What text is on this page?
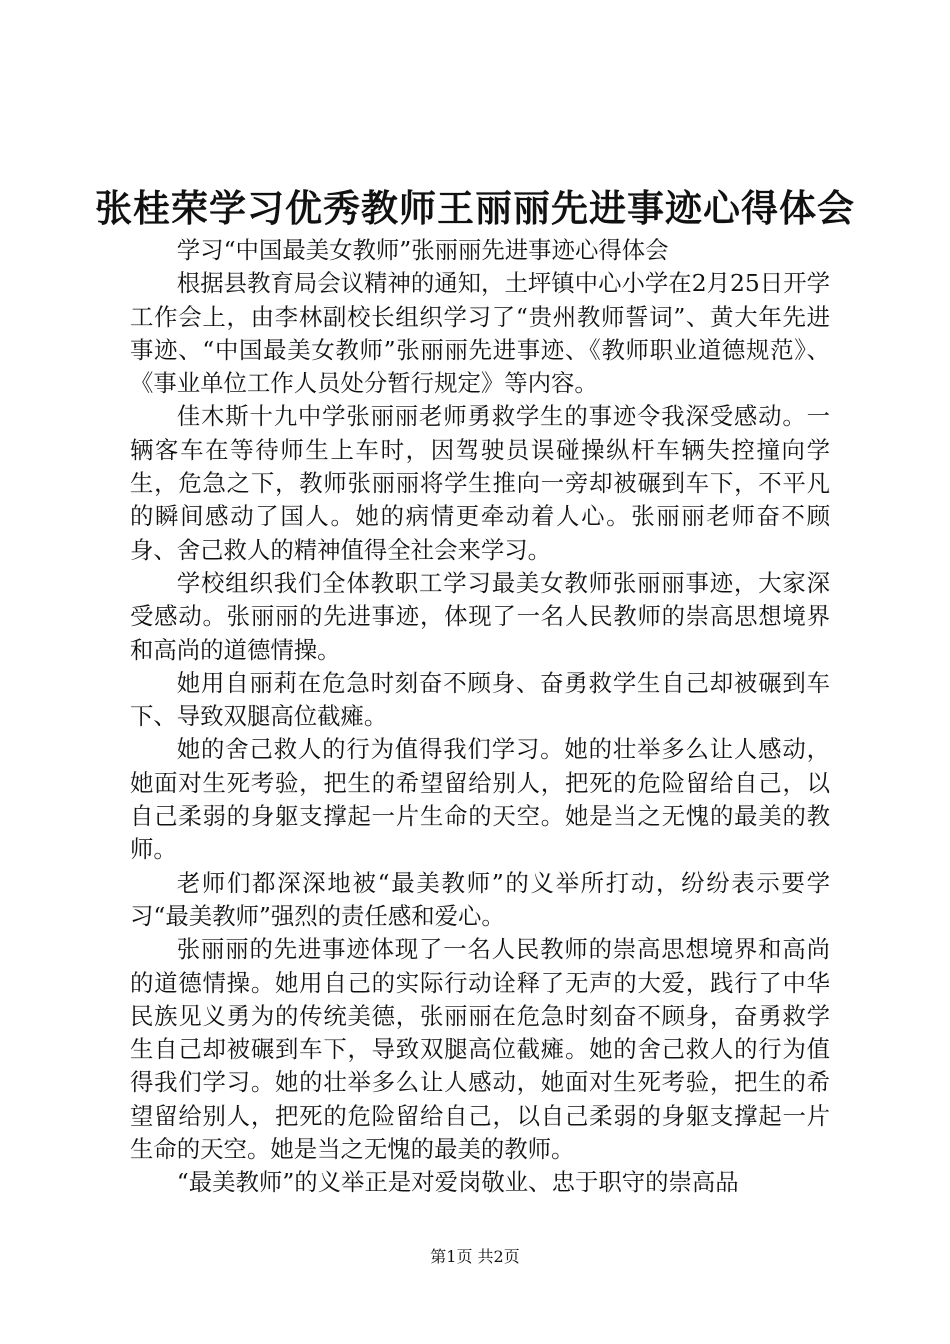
张桂荣学习优秀教师王丽丽先进事迹心得体会

学习“中国最美女教师”张丽丽先进事迹心得体会

根据县教育局会议精神的通知，土坪镇中心小学在2月25日开学工作会上，由李林副校长组织学习了“贵州教师誓词”、黄大年先进事迹、“中国最美女教师”张丽丽先进事迹、《教师职业道德规范》、《事业单位工作人员处分暂行规定》等内容。

佳木斯十九中学张丽丽老师勇救学生的事迹令我深受感动。一辆客车在等待师生上车时，因驾驶员误碰操纵杆车辆失控撞向学生，危急之下，教师张丽丽将学生推向一旁却被碾到车下，不平凡的瞬间感动了国人。她的病情更牵动着人心。张丽丽老师奋不顾身、舍己救人的精神值得全社会来学习。

学校组织我们全体教职工学习最美女教师张丽丽事迹，大家深受感动。张丽丽的先进事迹，体现了一名人民教师的崇高思想境界和高尚的道德情操。

她用自丽莉在危急时刻奋不顾身、奋勇救学生自己却被碾到车下、导致双腿高位截瘫。

她的舍己救人的行为值得我们学习。她的壮举多么让人感动，她面对生死考验，把生的希望留给别人，把死的危险留给自己，以自己柔弱的身躯支撑起一片生命的天空。她是当之无愧的最美的教师。

老师们都深深地被“最美教师”的义举所打动，纷纷表示要学习“最美教师”强烈的责任感和爱心。

张丽丽的先进事迹体现了一名人民教师的崇高思想境界和高尚的道德情操。她用自己的实际行动诠释了无声的大爱，践行了中华民族见义勇为的传统美德，张丽丽在危急时刻奋不顾身，奋勇救学生自己却被碾到车下，导致双腿高位截瘫。她的舍己救人的行为值得我们学习。她的壮举多么让人感动，她面对生死考验，把生的希望留给别人，把死的危险留给自己，以自己柔弱的身躯支撑起一片生命的天空。她是当之无愧的最美的教师。

“最美教师”的义举正是对爱岗敬业、忠于职守的崇高品

第1页 共2页
